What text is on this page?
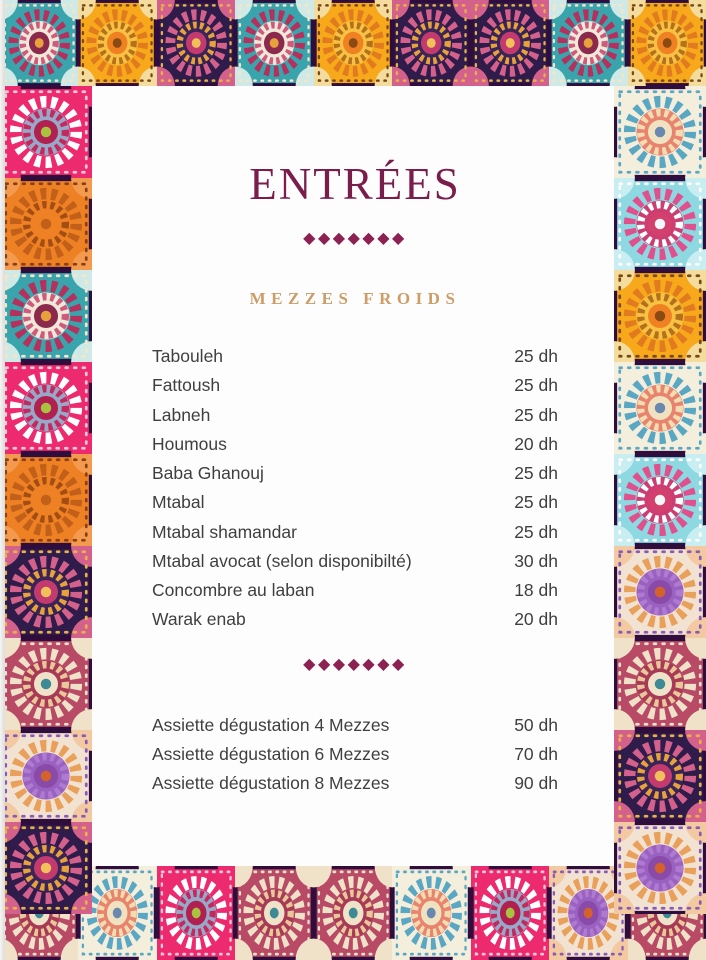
ENTRÉES
◆◆◆◆◆◆◆
MEZZES FROIDS
Tabouleh	25 dh
Fattoush	25 dh
Labneh	25 dh
Houmous	20 dh
Baba Ghanouj	25 dh
Mtabal	25 dh
Mtabal shamandar	25 dh
Mtabal avocat (selon disponibilté)	30 dh
Concombre au laban	18 dh
Warak enab	20 dh
◆◆◆◆◆◆◆
Assiette dégustation 4 Mezzes	50 dh
Assiette dégustation 6 Mezzes	70 dh
Assiette dégustation 8 Mezzes	90 dh
